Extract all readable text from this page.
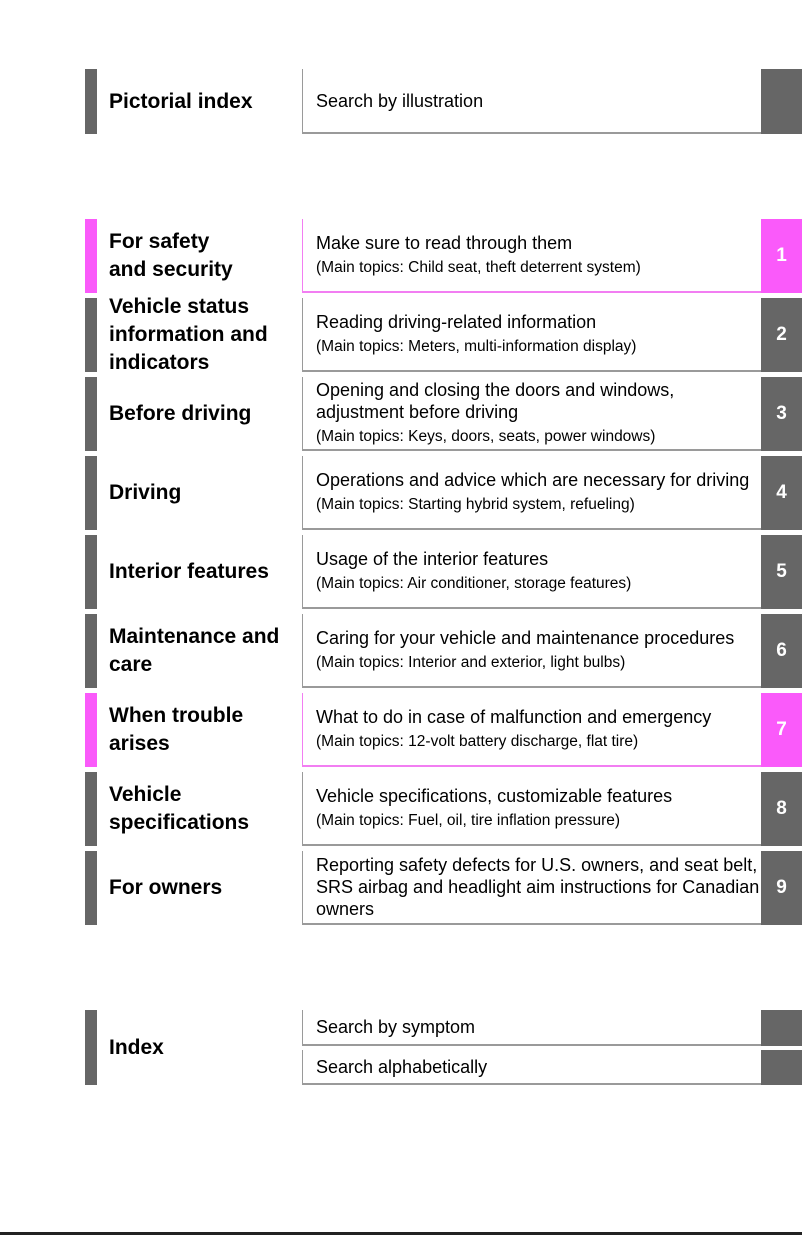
Pictorial index	Search by illustration
For safety
and security
Make sure to read through them
(Main topics: Child seat, theft deterrent system)
1
Vehicle status information and indicators
Reading driving-related information
(Main topics: Meters, multi-information display)
2
Before driving
Opening and closing the doors and windows, adjustment before driving
(Main topics: Keys, doors, seats, power windows)
3
Driving
Operations and advice which are necessary for driving
(Main topics: Starting hybrid system, refueling)
4
Interior features
Usage of the interior features
(Main topics: Air conditioner, storage features)
5
Maintenance and care
Caring for your vehicle and maintenance procedures
(Main topics: Interior and exterior, light bulbs)
6
When trouble arises
What to do in case of malfunction and emergency
(Main topics: 12-volt battery discharge, flat tire)
7
Vehicle specifications
Vehicle specifications, customizable features
(Main topics: Fuel, oil, tire inflation pressure)
8
For owners
Reporting safety defects for U.S. owners, and seat belt, SRS airbag and headlight aim instructions for Canadian owners
9
Index
Search by symptom
Search alphabetically
